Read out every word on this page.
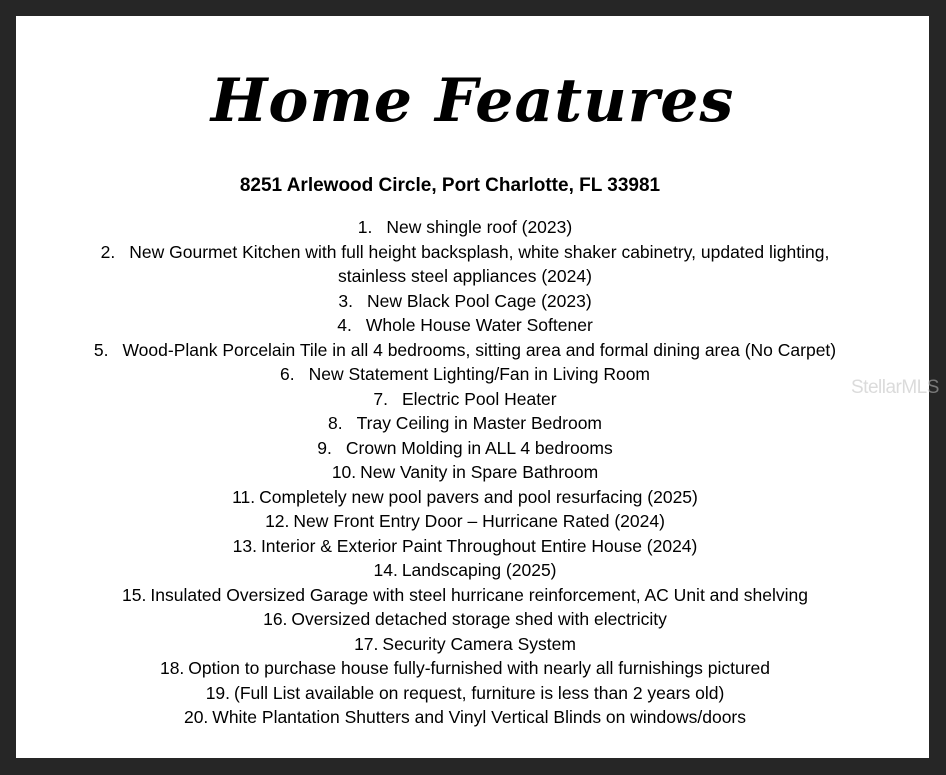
Home Features
8251 Arlewood Circle, Port Charlotte, FL 33981
1. New shingle roof (2023)
2. New Gourmet Kitchen with full height backsplash, white shaker cabinetry, updated lighting,
stainless steel appliances (2024)
3. New Black Pool Cage (2023)
4. Whole House Water Softener
5. Wood-Plank Porcelain Tile in all 4 bedrooms, sitting area and formal dining area (No Carpet)
6. New Statement Lighting/Fan in Living Room
7. Electric Pool Heater
8. Tray Ceiling in Master Bedroom
9. Crown Molding in ALL 4 bedrooms
10. New Vanity in Spare Bathroom
11. Completely new pool pavers and pool resurfacing (2025)
12. New Front Entry Door – Hurricane Rated (2024)
13. Interior & Exterior Paint Throughout Entire House (2024)
14. Landscaping (2025)
15. Insulated Oversized Garage with steel hurricane reinforcement, AC Unit and shelving
16. Oversized detached storage shed with electricity
17. Security Camera System
18. Option to purchase house fully-furnished with nearly all furnishings pictured
19. (Full List available on request, furniture is less than 2 years old)
20. White Plantation Shutters and Vinyl Vertical Blinds on windows/doors
StellarMLS
